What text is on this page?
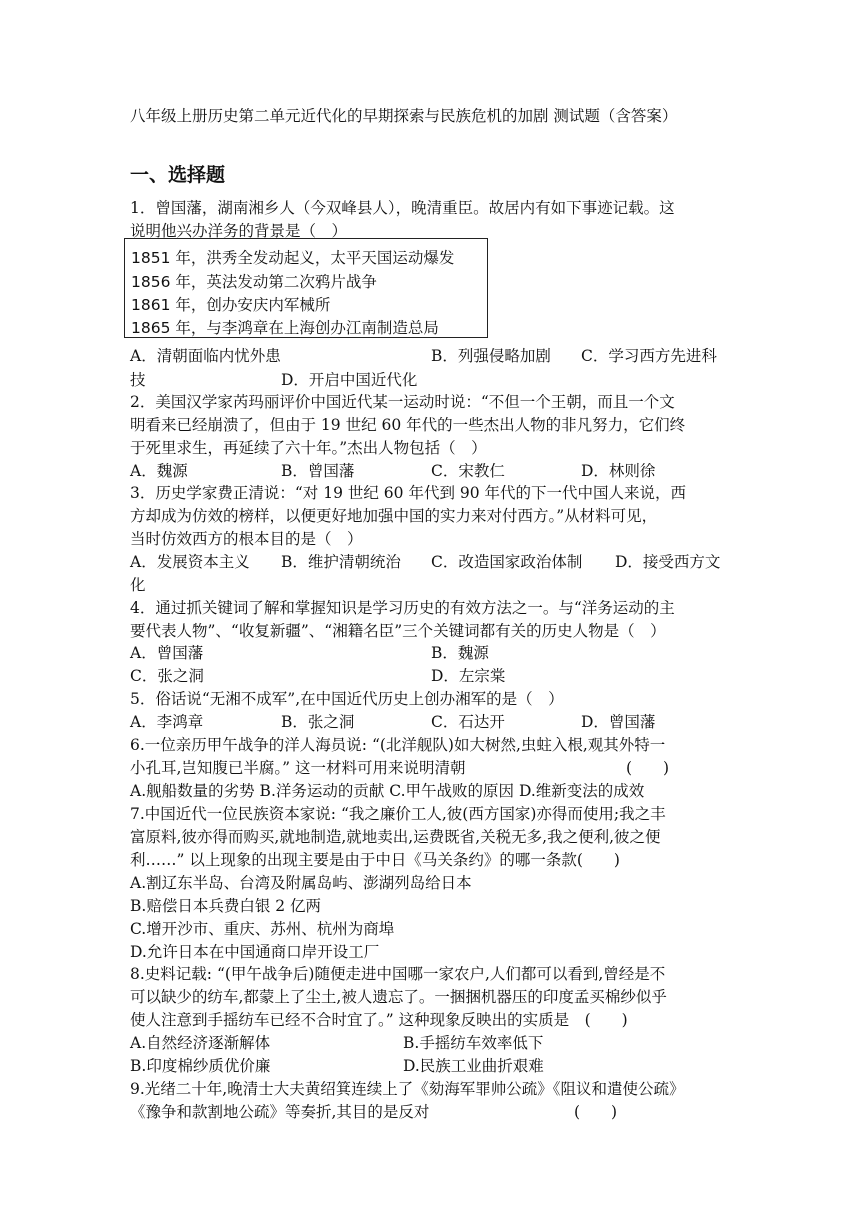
八年级上册历史第二单元近代化的早期探索与民族危机的加剧 测试题（含答案）
一、选择题
1．曾国藩，湖南湘乡人（今双峰县人），晚清重臣。故居内有如下事迹记载。这
说明他兴办洋务的背景是（　）
1851 年，洪秀全发动起义，太平天国运动爆发
1856 年，英法发动第二次鸦片战争
1861 年，创办安庆内军械所
1865 年，与李鸿章在上海创办江南制造总局
A．清朝面临内忧外患	B．列强侵略加剧 C．学习西方先进科
技	D．开启中国近代化
2．美国汉学家芮玛丽评价中国近代某一运动时说：“不但一个王朝，而且一个文
明看来已经崩溃了，但由于 19 世纪 60 年代的一些杰出人物的非凡努力，它们终
于死里求生，再延续了六十年。”杰出人物包括（　）
A．魏源	B．曾国藩	C．宋教仁	D．林则徐
3．历史学家费正清说：“对 19 世纪 60 年代到 90 年代的下一代中国人来说，西
方却成为仿效的榜样，以便更好地加强中国的实力来对付西方。”从材料可见，
当时仿效西方的根本目的是（　）
A．发展资本主义 B．维护清朝统治 C．改造国家政治体制 D．接受西方文
化
4．通过抓关键词了解和掌握知识是学习历史的有效方法之一。与“洋务运动的主
要代表人物”、“收复新疆”、“湘籍名臣”三个关键词都有关的历史人物是（　）
A．曾国藩	B．魏源
C．张之洞	D．左宗棠
5．俗话说“无湘不成军”,在中国近代历史上创办湘军的是（　）
A．李鸿章	B．张之洞	C．石达开	D．曾国藩
6.一位亲历甲午战争的洋人海员说: “(北洋舰队)如大树然,虫蛀入根,观其外特一
小孔耳,岂知腹已半腐。” 这一材料可用来说明清朝	(　　)
A.舰船数量的劣势 B.洋务运动的贡献 C.甲午战败的原因 D.维新变法的成效
7.中国近代一位民族资本家说: “我之廉价工人,彼(西方国家)亦得而使用;我之丰
富原料,彼亦得而购买,就地制造,就地卖出,运费既省,关税无多,我之便利,彼之便
利……” 以上现象的出现主要是由于中日《马关条约》的哪一条款(　　)
A.割辽东半岛、台湾及附属岛屿、澎湖列岛给日本
B.赔偿日本兵费白银 2 亿两
C.增开沙市、重庆、苏州、杭州为商埠
D.允许日本在中国通商口岸开设工厂
8.史料记载: “(甲午战争后)随便走进中国哪一家农户,人们都可以看到,曾经是不
可以缺少的纺车,都蒙上了尘土,被人遗忘了。一捆捆机器压的印度孟买棉纱似乎
使人注意到手摇纺车已经不合时宜了。” 这种现象反映出的实质是　(　　)
A.自然经济逐渐解体	B.手摇纺车效率低下
B.印度棉纱质优价廉	D.民族工业曲折艰难
9.光绪二十年,晚清士大夫黄绍箕连续上了《劾海军罪帅公疏》《阻议和遣使公疏》
《豫争和款割地公疏》等奏折,其目的是反对	(　　)
